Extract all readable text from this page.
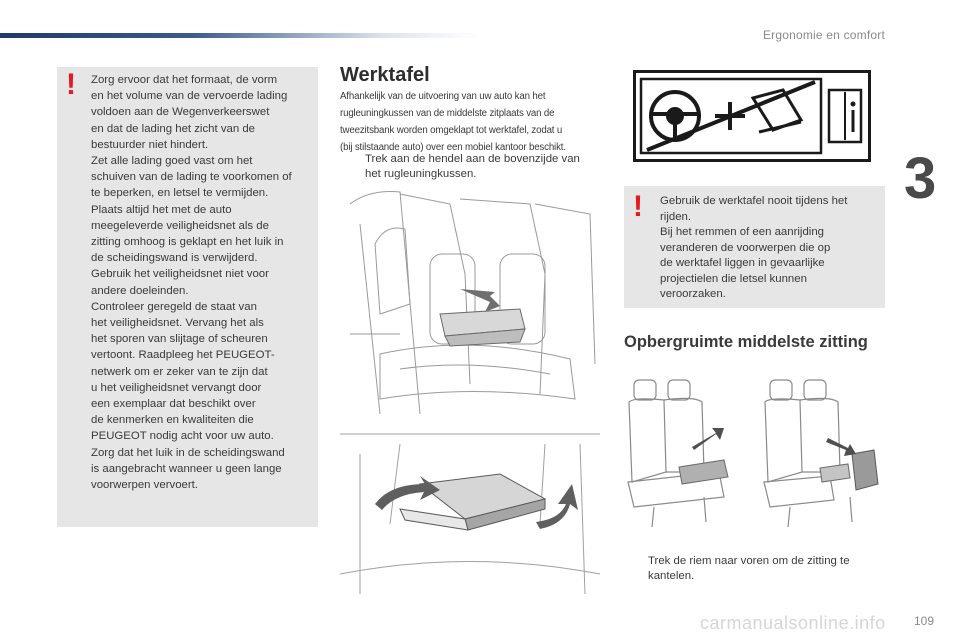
Ergonomie en comfort
3
! Zorg ervoor dat het formaat, de vorm

en het volume van de vervoerde lading

voldoen aan de Wegenverkeerswet

en dat de lading het zicht van de

bestuurder niet hindert.

Zet alle lading goed vast om het

schuiven van de lading te voorkomen of

te beperken, en letsel te vermijden.

Plaats altijd het met de auto

meegeleverde veiligheidsnet als de

zitting omhoog is geklapt en het luik in

de scheidingswand is verwijderd.

Gebruik het veiligheidsnet niet voor

andere doeleinden.

Controleer geregeld de staat van

het veiligheidsnet. Vervang het als

het sporen van slijtage of scheuren

vertoont. Raadpleeg het PEUGEOT-

netwerk om er zeker van te zijn dat

u het veiligheidsnet vervangt door

een exemplaar dat beschikt over

de kenmerken en kwaliteiten die

PEUGEOT nodig acht voor uw auto.

Zorg dat het luik in de scheidingswand

is aangebracht wanneer u geen lange

voorwerpen vervoert.

Werktafel
Afhankelijk van de uitvoering van uw auto kan het
rugleuningkussen van de middelste zitplaats van de
tweezitsbank worden omgeklapt tot werktafel, zodat u
(bij stilstaande auto) over een mobiel kantoor beschikt.
Trek aan de hendel aan de bovenzijde van
het rugleuningkussen.
! Gebruik de werktafel nooit tijdens het

rijden.

Bij het remmen of een aanrijding

veranderen de voorwerpen die op

de werktafel liggen in gevaarlijke

projectielen die letsel kunnen

veroorzaken.

Opbergruimte middelste zitting
Trek de riem naar voren om de zitting te
kantelen.
carmanualsonline.info 109
